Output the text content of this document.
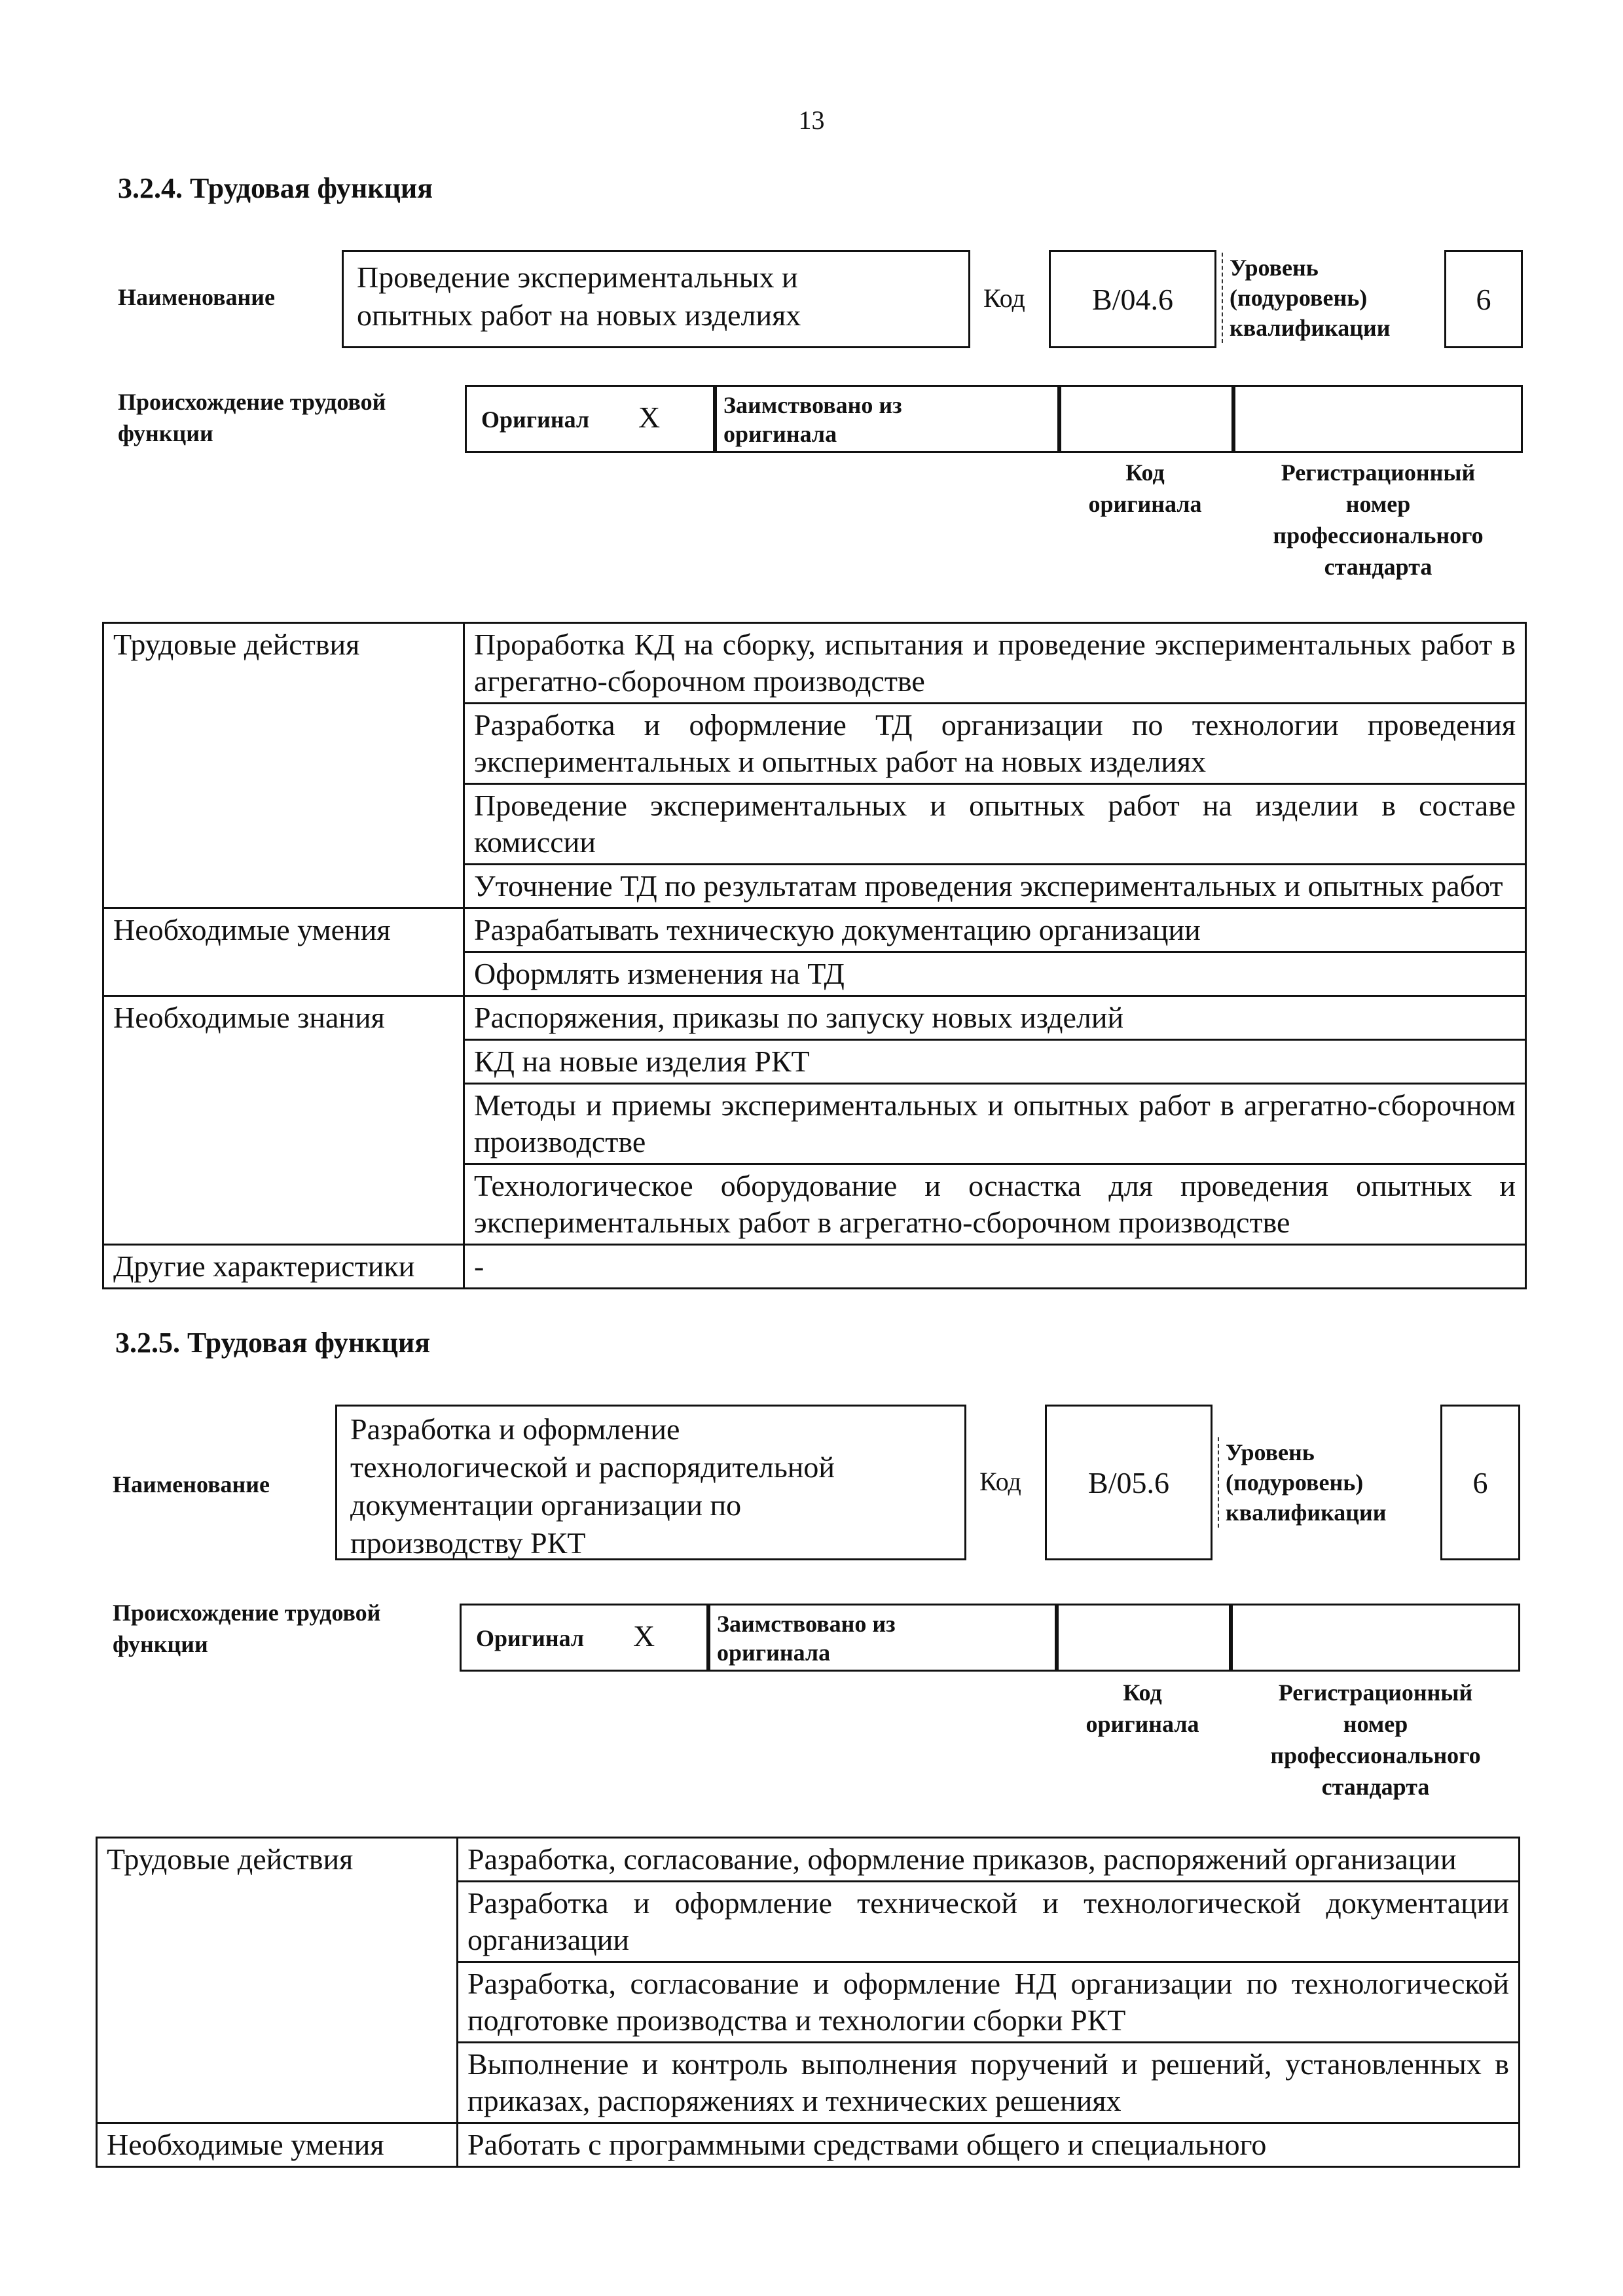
13
3.2.4. Трудовая функция
Наименование
Проведение экспериментальных и
опытных работ на новых изделиях
Код B/04.6
Уровень
(подуровень)
квалификации
6
Происхождение трудовой
функции
Оригинал X	Заимствовано из
оригинала
Код
оригинала
Регистрационный
номер
профессионального
стандарта
Трудовые действия	Проработка КД на сборку, испытания и проведение экспериментальных работ в агрегатно-сборочном производстве
	Разработка и оформление ТД организации по технологии проведения экспериментальных и опытных работ на новых изделиях
	Проведение экспериментальных и опытных работ на изделии в составе комиссии
	Уточнение ТД по результатам проведения экспериментальных и опытных работ
Необходимые умения	Разрабатывать техническую документацию организации
	Оформлять изменения на ТД
Необходимые знания	Распоряжения, приказы по запуску новых изделий
	КД на новые изделия РКТ
	Методы и приемы экспериментальных и опытных работ в агрегатно-сборочном производстве
	Технологическое оборудование и оснастка для проведения опытных и экспериментальных работ в агрегатно-сборочном производстве
Другие характеристики	-
3.2.5. Трудовая функция
Наименование
Разработка и оформление
технологической и распорядительной
документации организации по
производству РКТ
Код B/05.6
Уровень
(подуровень)
квалификации
6
Происхождение трудовой
функции	Оригинал X	Заимствовано из
оригинала
Код
оригинала
Регистрационный
номер
профессионального
стандарта
Трудовые действия	Разработка, согласование, оформление приказов, распоряжений организации
	Разработка и оформление технической и технологической документации организации
	Разработка, согласование и оформление НД организации по технологической подготовке производства и технологии сборки РКТ
	Выполнение и контроль выполнения поручений и решений, установленных в приказах, распоряжениях и технических решениях
Необходимые умения	Работать с программными средствами общего и специального
